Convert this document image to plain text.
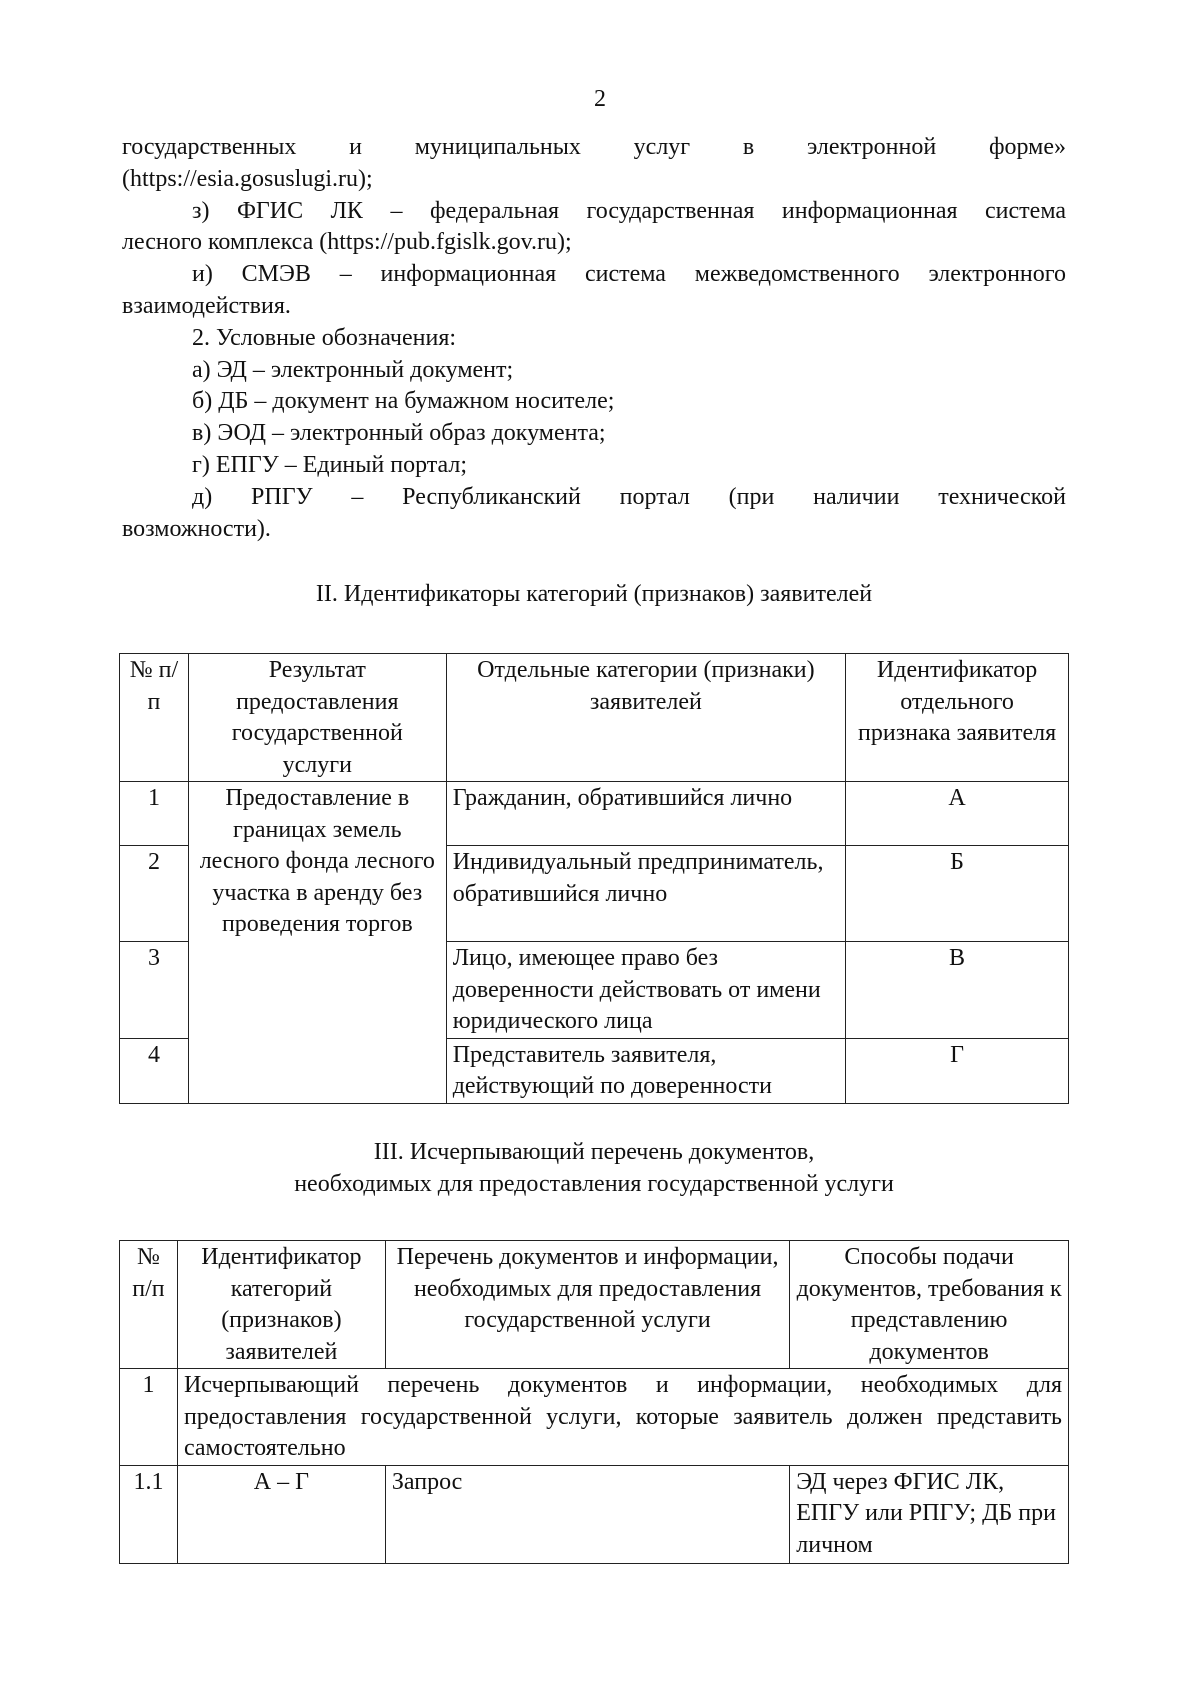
2
государственных и муниципальных услуг в электронной форме»
(https://esia.gosuslugi.ru);
з) ФГИС ЛК – федеральная государственная информационная система
лесного комплекса (https://pub.fgislk.gov.ru);
и) СМЭВ – информационная система межведомственного электронного
взаимодействия.
2. Условные обозначения:
а) ЭД – электронный документ;
б) ДБ – документ на бумажном носителе;
в) ЭОД – электронный образ документа;
г) ЕПГУ – Единый портал;
д) РПГУ – Республиканский портал (при наличии технической
возможности).
II. Идентификаторы категорий (признаков) заявителей
№ п/п	Результат предоставления государственной услуги	Отдельные категории (признаки) заявителей	Идентификатор отдельного признака заявителя
1	Предоставление в границах земель лесного фонда лесного участка в аренду без проведения торгов	Гражданин, обратившийся лично	А
2		Индивидуальный предприниматель, обратившийся лично	Б
3		Лицо, имеющее право без доверенности действовать от имени юридического лица	В
4		Представитель заявителя, действующий по доверенности	Г
III. Исчерпывающий перечень документов,
необходимых для предоставления государственной услуги
№ п/п	Идентификатор категорий (признаков) заявителей	Перечень документов и информации, необходимых для предоставления государственной услуги	Способы подачи документов, требования к представлению документов
1	Исчерпывающий перечень документов и информации, необходимых для предоставления государственной услуги, которые заявитель должен представить самостоятельно		
1.1	А – Г	Запрос	ЭД через ФГИС ЛК, ЕПГУ или РПГУ; ДБ при личном
